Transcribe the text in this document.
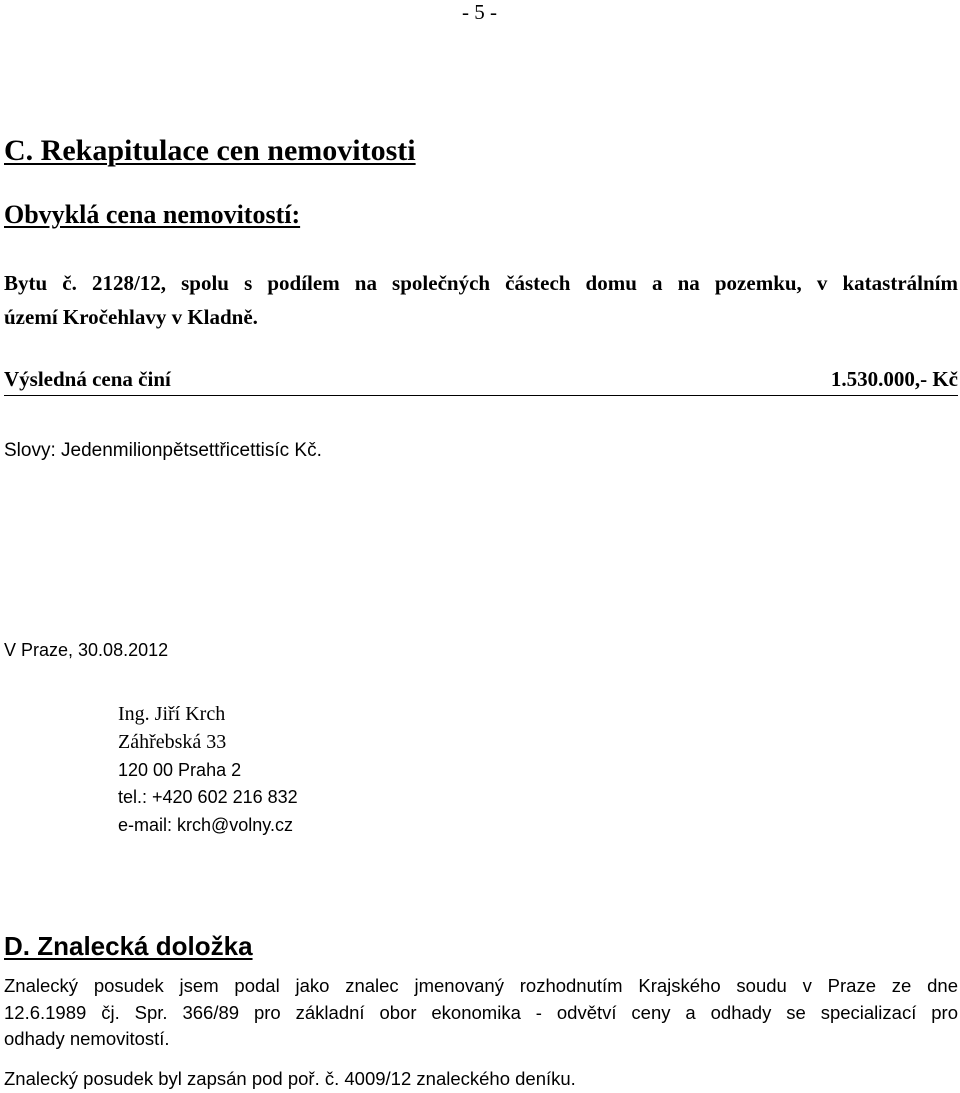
- 5 -
C. Rekapitulace cen nemovitosti
Obvyklá cena nemovitostí:
Bytu č. 2128/12, spolu s podílem na společných částech domu a na pozemku, v katastrálním
území Kročehlavy v Kladně.
Výsledná cena činí	1.530.000,- Kč
Slovy: Jedenmilionpětsettřicettisíc Kč.
V Praze, 30.08.2012
Ing. Jiří Krch
Záhřebská 33
120 00 Praha 2
tel.: +420 602 216 832
e-mail: krch@volny.cz
D. Znalecká doložka
Znalecký posudek jsem podal jako znalec jmenovaný rozhodnutím Krajského soudu v Praze ze dne
12.6.1989 čj. Spr. 366/89 pro základní obor ekonomika - odvětví ceny a odhady se specializací pro
odhady nemovitostí.
Znalecký posudek byl zapsán pod poř. č. 4009/12 znaleckého deníku.
